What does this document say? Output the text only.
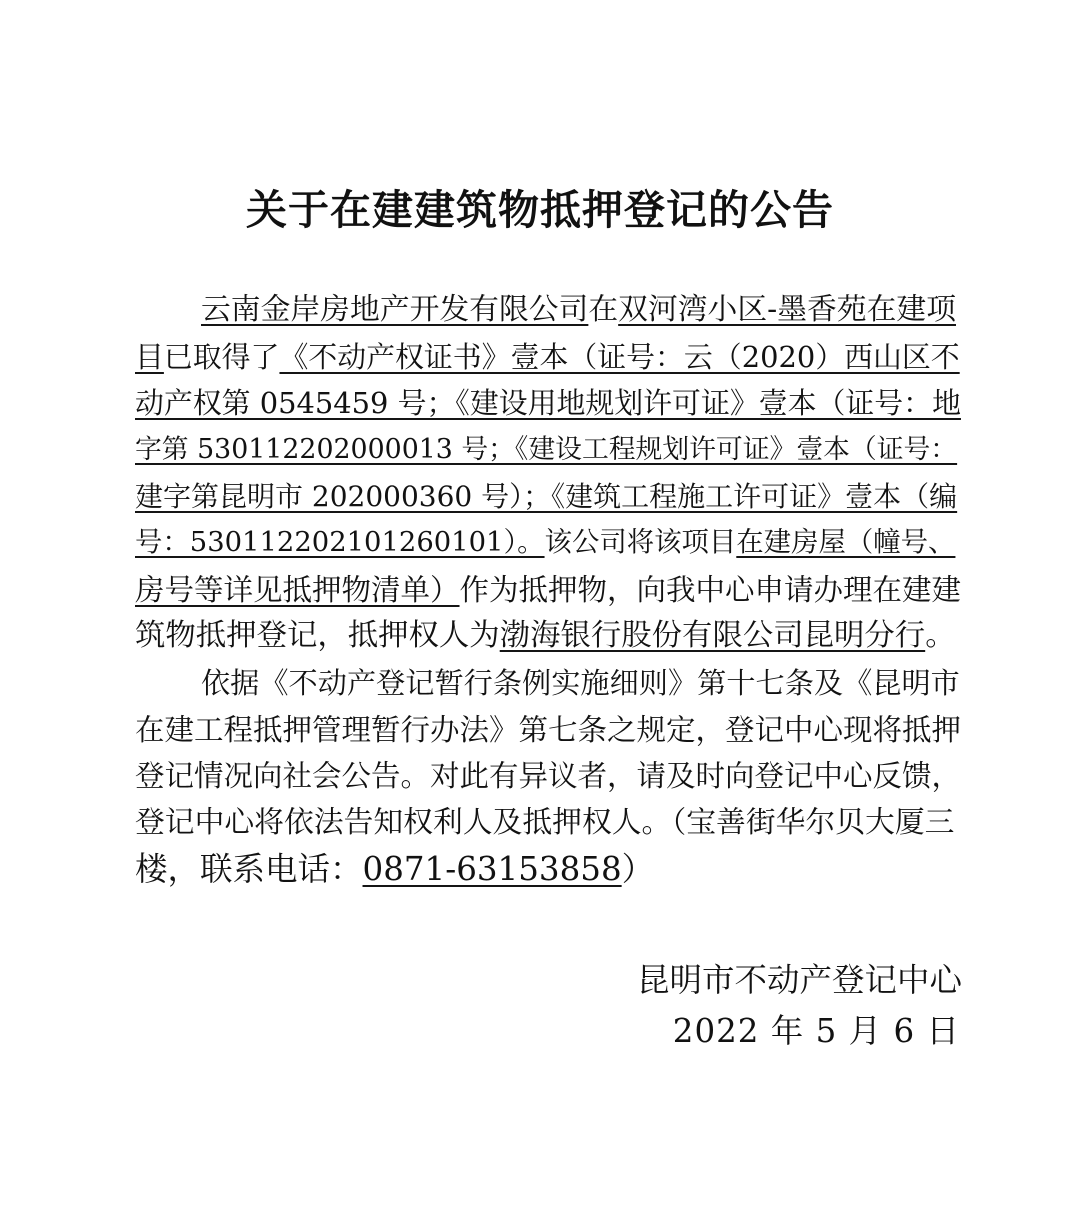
关于在建建筑物抵押登记的公告
云南金岸房地产开发有限公司在双河湾小区-墨香苑在建项
目已取得了《不动产权证书》壹本（证号：云（2020）西山区不
动产权第 0545459 号；《建设用地规划许可证》壹本（证号：地
字第 530112202000013 号；《建设工程规划许可证》壹本（证号：
建字第昆明市 202000360 号）；《建筑工程施工许可证》壹本（编
号：530112202101260101）。该公司将该项目在建房屋（幢号、
房号等详见抵押物清单）作为抵押物，向我中心申请办理在建建
筑物抵押登记，抵押权人为渤海银行股份有限公司昆明分行。
依据《不动产登记暂行条例实施细则》第十七条及《昆明市
在建工程抵押管理暂行办法》第七条之规定，登记中心现将抵押
登记情况向社会公告。对此有异议者，请及时向登记中心反馈，
登记中心将依法告知权利人及抵押权人。（宝善街华尔贝大厦三
楼，联系电话：0871-63153858）
昆明市不动产登记中心
2022 年 5 月 6 日
